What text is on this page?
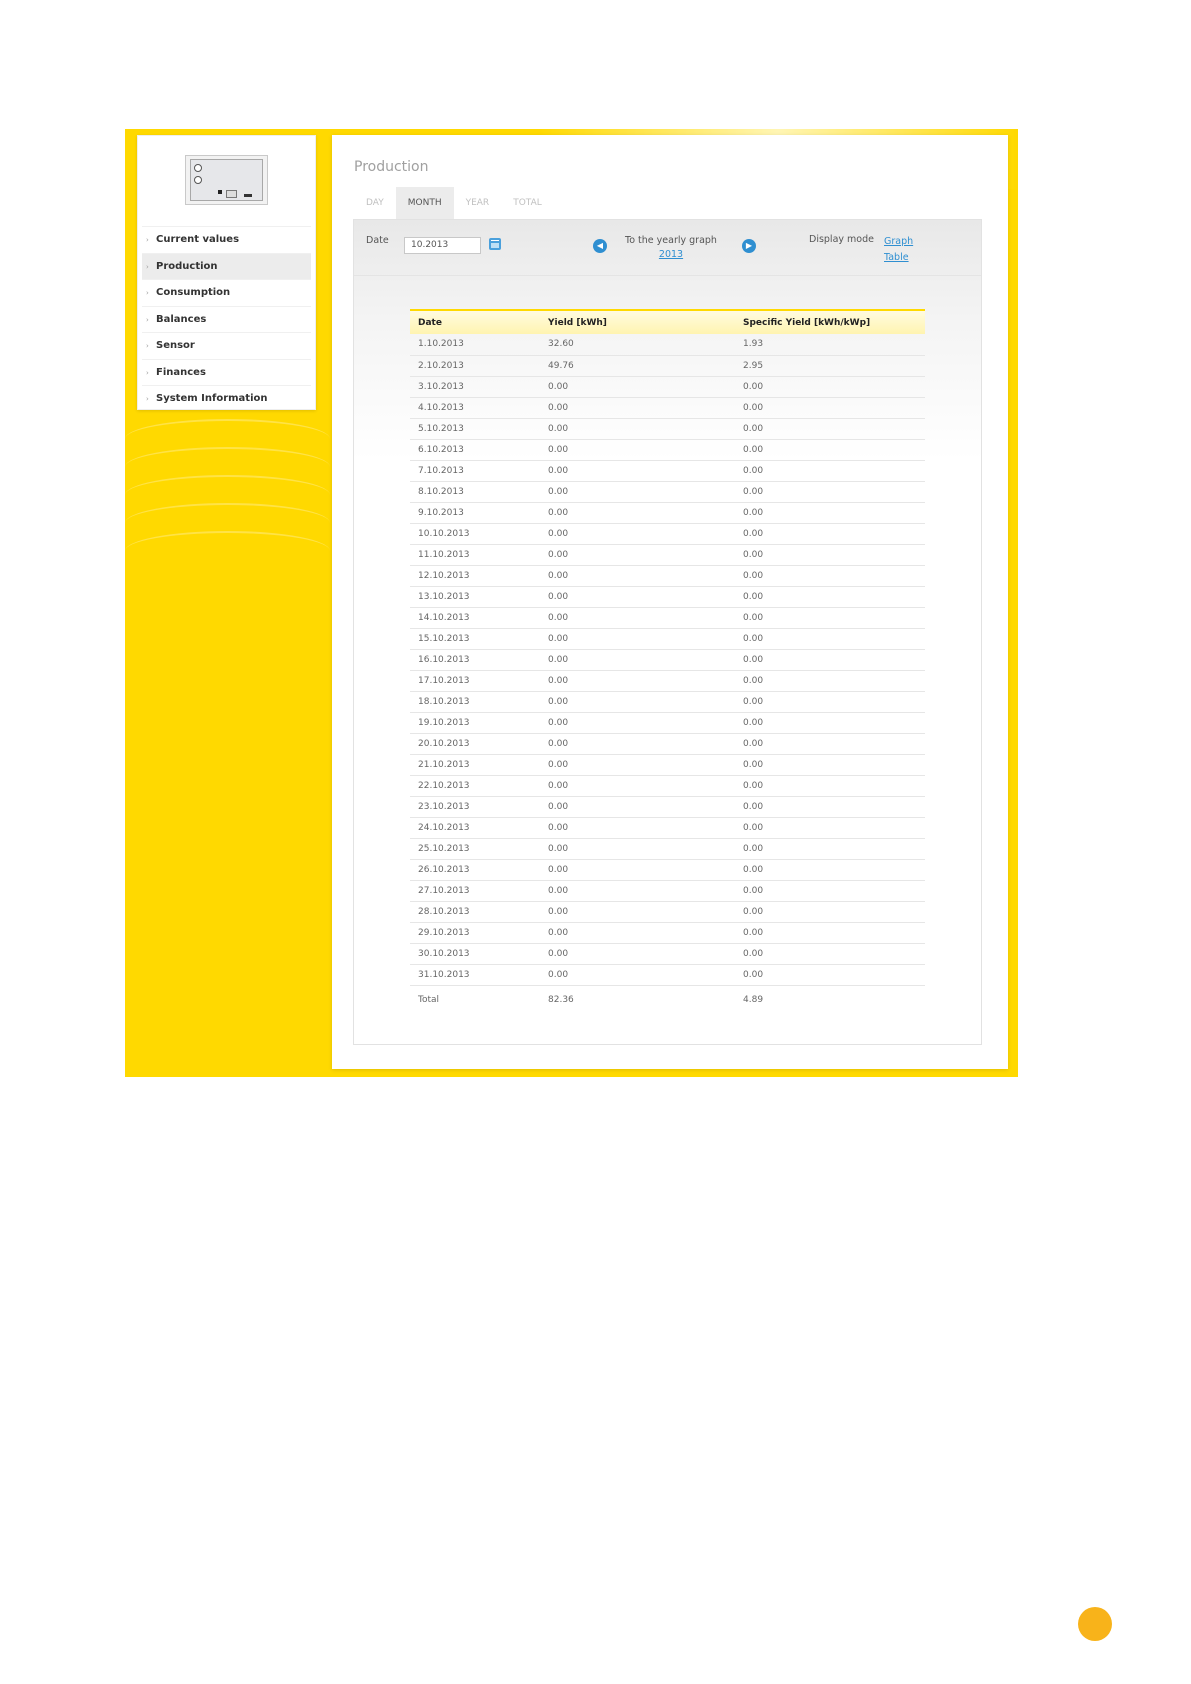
› Current values
› Production
› Consumption
› Balances
› Sensor
› Finances
› System Information
Production
DAY	MONTH	YEAR	TOTAL
Date	10.2013	◀	To the yearly graph
2013
▶
Display mode Graph
Table
Date	Yield [kWh]	Specific Yield [kWh/kWp]
1.10.2013	32.60	1.93
2.10.2013	49.76	2.95
3.10.2013	0.00	0.00
4.10.2013	0.00	0.00
5.10.2013	0.00	0.00
6.10.2013	0.00	0.00
7.10.2013	0.00	0.00
8.10.2013	0.00	0.00
9.10.2013	0.00	0.00
10.10.2013	0.00	0.00
11.10.2013	0.00	0.00
12.10.2013	0.00	0.00
13.10.2013	0.00	0.00
14.10.2013	0.00	0.00
15.10.2013	0.00	0.00
16.10.2013	0.00	0.00
17.10.2013	0.00	0.00
18.10.2013	0.00	0.00
19.10.2013	0.00	0.00
20.10.2013	0.00	0.00
21.10.2013	0.00	0.00
22.10.2013	0.00	0.00
23.10.2013	0.00	0.00
24.10.2013	0.00	0.00
25.10.2013	0.00	0.00
26.10.2013	0.00	0.00
27.10.2013	0.00	0.00
28.10.2013	0.00	0.00
29.10.2013	0.00	0.00
30.10.2013	0.00	0.00
31.10.2013	0.00	0.00
Total	82.36	4.89
